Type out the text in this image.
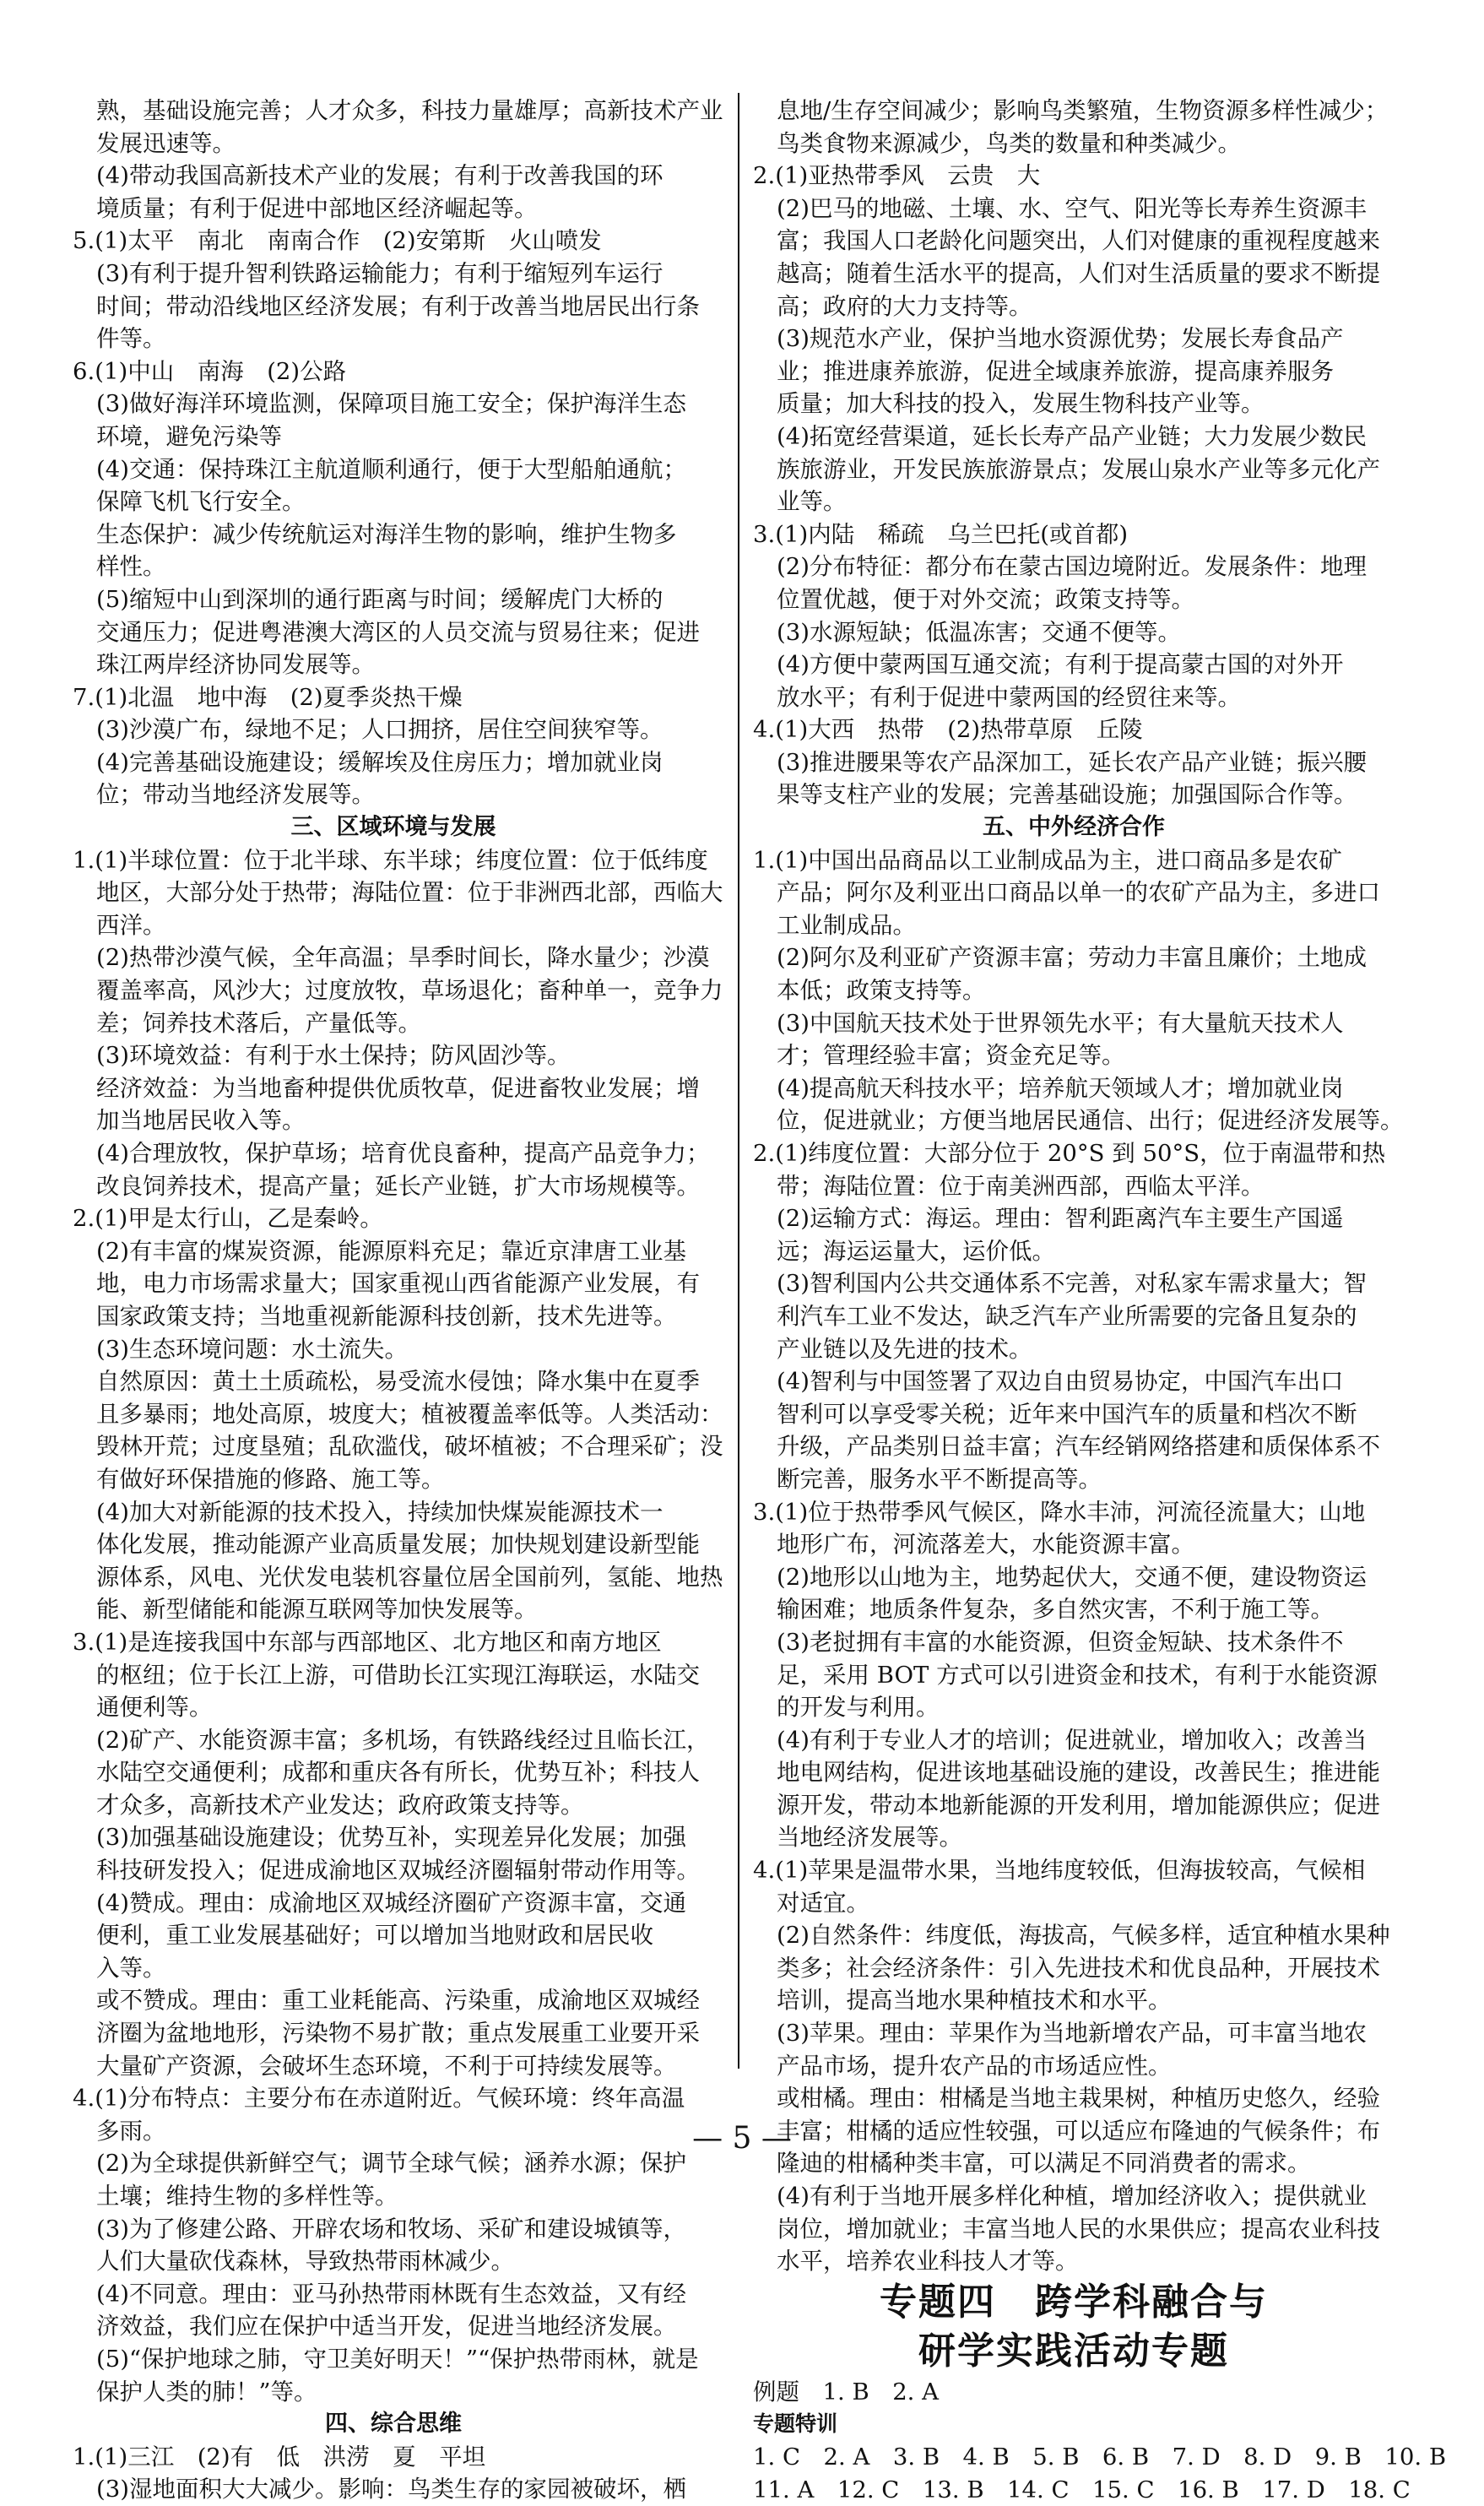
熟，基础设施完善；人才众多，科技力量雄厚；高新技术产业
发展迅速等。
(4)带动我国高新技术产业的发展；有利于改善我国的环
境质量；有利于促进中部地区经济崛起等。
5.(1)太平　南北　南南合作　(2)安第斯　火山喷发
(3)有利于提升智利铁路运输能力；有利于缩短列车运行
时间；带动沿线地区经济发展；有利于改善当地居民出行条
件等。
6.(1)中山　南海　(2)公路
(3)做好海洋环境监测，保障项目施工安全；保护海洋生态
环境，避免污染等
(4)交通：保持珠江主航道顺利通行，便于大型船舶通航；
保障飞机飞行安全。
生态保护：减少传统航运对海洋生物的影响，维护生物多
样性。
(5)缩短中山到深圳的通行距离与时间；缓解虎门大桥的
交通压力；促进粤港澳大湾区的人员交流与贸易往来；促进
珠江两岸经济协同发展等。
7.(1)北温　地中海　(2)夏季炎热干燥
(3)沙漠广布，绿地不足；人口拥挤，居住空间狭窄等。
(4)完善基础设施建设；缓解埃及住房压力；增加就业岗
位；带动当地经济发展等。
三、区域环境与发展
1.(1)半球位置：位于北半球、东半球；纬度位置：位于低纬度
地区，大部分处于热带；海陆位置：位于非洲西北部，西临大
西洋。
(2)热带沙漠气候，全年高温；旱季时间长，降水量少；沙漠
覆盖率高，风沙大；过度放牧，草场退化；畜种单一，竞争力
差；饲养技术落后，产量低等。
(3)环境效益：有利于水土保持；防风固沙等。
经济效益：为当地畜种提供优质牧草，促进畜牧业发展；增
加当地居民收入等。
(4)合理放牧，保护草场；培育优良畜种，提高产品竞争力；
改良饲养技术，提高产量；延长产业链，扩大市场规模等。
2.(1)甲是太行山，乙是秦岭。
(2)有丰富的煤炭资源，能源原料充足；靠近京津唐工业基
地，电力市场需求量大；国家重视山西省能源产业发展，有
国家政策支持；当地重视新能源科技创新，技术先进等。
(3)生态环境问题：水土流失。
自然原因：黄土土质疏松，易受流水侵蚀；降水集中在夏季
且多暴雨；地处高原，坡度大；植被覆盖率低等。人类活动：
毁林开荒；过度垦殖；乱砍滥伐，破坏植被；不合理采矿；没
有做好环保措施的修路、施工等。
(4)加大对新能源的技术投入，持续加快煤炭能源技术一
体化发展，推动能源产业高质量发展；加快规划建设新型能
源体系，风电、光伏发电装机容量位居全国前列，氢能、地热
能、新型储能和能源互联网等加快发展等。
3.(1)是连接我国中东部与西部地区、北方地区和南方地区
的枢纽；位于长江上游，可借助长江实现江海联运，水陆交
通便利等。
(2)矿产、水能资源丰富；多机场，有铁路线经过且临长江，
水陆空交通便利；成都和重庆各有所长，优势互补；科技人
才众多，高新技术产业发达；政府政策支持等。
(3)加强基础设施建设；优势互补，实现差异化发展；加强
科技研发投入；促进成渝地区双城经济圈辐射带动作用等。
(4)赞成。理由：成渝地区双城经济圈矿产资源丰富，交通
便利，重工业发展基础好；可以增加当地财政和居民收
入等。
或不赞成。理由：重工业耗能高、污染重，成渝地区双城经
济圈为盆地地形，污染物不易扩散；重点发展重工业要开采
大量矿产资源，会破坏生态环境，不利于可持续发展等。
4.(1)分布特点：主要分布在赤道附近。气候环境：终年高温
多雨。
(2)为全球提供新鲜空气；调节全球气候；涵养水源；保护
土壤；维持生物的多样性等。
(3)为了修建公路、开辟农场和牧场、采矿和建设城镇等，
人们大量砍伐森林，导致热带雨林减少。
(4)不同意。理由：亚马孙热带雨林既有生态效益，又有经
济效益，我们应在保护中适当开发，促进当地经济发展。
(5)“保护地球之肺，守卫美好明天！”“保护热带雨林，就是
保护人类的肺！”等。
四、综合思维
1.(1)三江　(2)有　低　洪涝　夏　平坦
(3)湿地面积大大减少。影响：鸟类生存的家园被破坏，栖
息地/生存空间减少；影响鸟类繁殖，生物资源多样性减少；
鸟类食物来源减少，鸟类的数量和种类减少。
2.(1)亚热带季风　云贵　大
(2)巴马的地磁、土壤、水、空气、阳光等长寿养生资源丰
富；我国人口老龄化问题突出，人们对健康的重视程度越来
越高；随着生活水平的提高，人们对生活质量的要求不断提
高；政府的大力支持等。
(3)规范水产业，保护当地水资源优势；发展长寿食品产
业；推进康养旅游，促进全域康养旅游，提高康养服务
质量；加大科技的投入，发展生物科技产业等。
(4)拓宽经营渠道，延长长寿产品产业链；大力发展少数民
族旅游业，开发民族旅游景点；发展山泉水产业等多元化产
业等。
3.(1)内陆　稀疏　乌兰巴托(或首都)
(2)分布特征：都分布在蒙古国边境附近。发展条件：地理
位置优越，便于对外交流；政策支持等。
(3)水源短缺；低温冻害；交通不便等。
(4)方便中蒙两国互通交流；有利于提高蒙古国的对外开
放水平；有利于促进中蒙两国的经贸往来等。
4.(1)大西　热带　(2)热带草原　丘陵
(3)推进腰果等农产品深加工，延长农产品产业链；振兴腰
果等支柱产业的发展；完善基础设施；加强国际合作等。
五、中外经济合作
1.(1)中国出品商品以工业制成品为主，进口商品多是农矿
产品；阿尔及利亚出口商品以单一的农矿产品为主，多进口
工业制成品。
(2)阿尔及利亚矿产资源丰富；劳动力丰富且廉价；土地成
本低；政策支持等。
(3)中国航天技术处于世界领先水平；有大量航天技术人
才；管理经验丰富；资金充足等。
(4)提高航天科技水平；培养航天领域人才；增加就业岗
位，促进就业；方便当地居民通信、出行；促进经济发展等。
2.(1)纬度位置：大部分位于 20°S 到 50°S，位于南温带和热
带；海陆位置：位于南美洲西部，西临太平洋。
(2)运输方式：海运。理由：智利距离汽车主要生产国遥
远；海运运量大，运价低。
(3)智利国内公共交通体系不完善，对私家车需求量大；智
利汽车工业不发达，缺乏汽车产业所需要的完备且复杂的
产业链以及先进的技术。
(4)智利与中国签署了双边自由贸易协定，中国汽车出口
智利可以享受零关税；近年来中国汽车的质量和档次不断
升级，产品类别日益丰富；汽车经销网络搭建和质保体系不
断完善，服务水平不断提高等。
3.(1)位于热带季风气候区，降水丰沛，河流径流量大；山地
地形广布，河流落差大，水能资源丰富。
(2)地形以山地为主，地势起伏大，交通不便，建设物资运
输困难；地质条件复杂，多自然灾害，不利于施工等。
(3)老挝拥有丰富的水能资源，但资金短缺、技术条件不
足，采用 BOT 方式可以引进资金和技术，有利于水能资源
的开发与利用。
(4)有利于专业人才的培训；促进就业，增加收入；改善当
地电网结构，促进该地基础设施的建设，改善民生；推进能
源开发，带动本地新能源的开发利用，增加能源供应；促进
当地经济发展等。
4.(1)苹果是温带水果，当地纬度较低，但海拔较高，气候相
对适宜。
(2)自然条件：纬度低，海拔高，气候多样，适宜种植水果种
类多；社会经济条件：引入先进技术和优良品种，开展技术
培训，提高当地水果种植技术和水平。
(3)苹果。理由：苹果作为当地新增农产品，可丰富当地农
产品市场，提升农产品的市场适应性。
或柑橘。理由：柑橘是当地主栽果树，种植历史悠久，经验
丰富；柑橘的适应性较强，可以适应布隆迪的气候条件；布
隆迪的柑橘种类丰富，可以满足不同消费者的需求。
(4)有利于当地开展多样化种植，增加经济收入；提供就业
岗位，增加就业；丰富当地人民的水果供应；提高农业科技
水平，培养农业科技人才等。
专题四　跨学科融合与
研学实践活动专题
例题　1. B　2. A
专题特训
1. C　2. A　3. B　4. B　5. B　6. B　7. D　8. D　9. B　10. B
11. A　12. C　13. B　14. C　15. C　16. B　17. D　18. C
— 5 —
